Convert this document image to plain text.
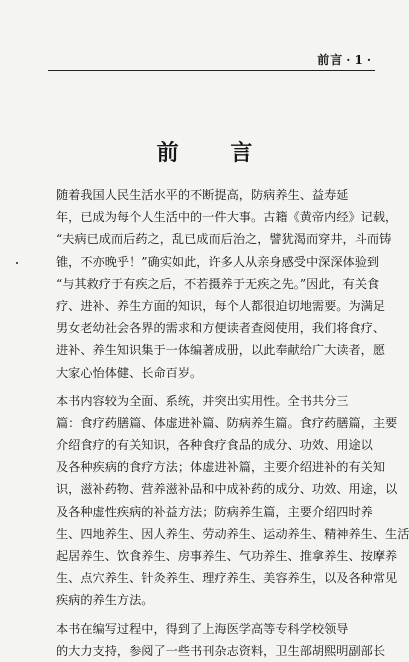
前言 · 1 ·
前 言
随着我国人民生活水平的不断提高，防病养生、益寿延
年，已成为每个人生活中的一件大事。古籍《黄帝内经》记载，
“夫病已成而后药之，乱已成而后治之，譬犹渴而穿井，斗而铸
锥，不亦晚乎！”确实如此，许多人从亲身感受中深深体验到
“与其救疗于有疾之后，不若摄养于无疾之先。”因此，有关食
疗、进补、养生方面的知识，每个人都很迫切地需要。为满足
男女老幼社会各界的需求和方便读者查阅使用，我们将食疗、
进补、养生知识集于一体编著成册，以此奉献给广大读者，愿
大家心怡体健、长命百岁。
本书内容较为全面、系统，并突出实用性。全书共分三
篇：食疗药膳篇、体虚进补篇、防病养生篇。食疗药膳篇，主要
介绍食疗的有关知识，各种食疗食品的成分、功效、用途以
及各种疾病的食疗方法；体虚进补篇，主要介绍进补的有关知
识，滋补药物、营养滋补品和中成补药的成分、功效、用途，以
及各种虚性疾病的补益方法；防病养生篇，主要介绍四时养
生、四地养生、因人养生、劳动养生、运动养生、精神养生、生活
起居养生、饮食养生、房事养生、气功养生、推拿养生、按摩养
生、点穴养生、针灸养生、理疗养生、美容养生，以及各种常见
疾病的养生方法。
本书在编写过程中，得到了上海医学高等专科学校领导
的大力支持，参阅了一些书刊杂志资料，卫生部胡熙明副部长
